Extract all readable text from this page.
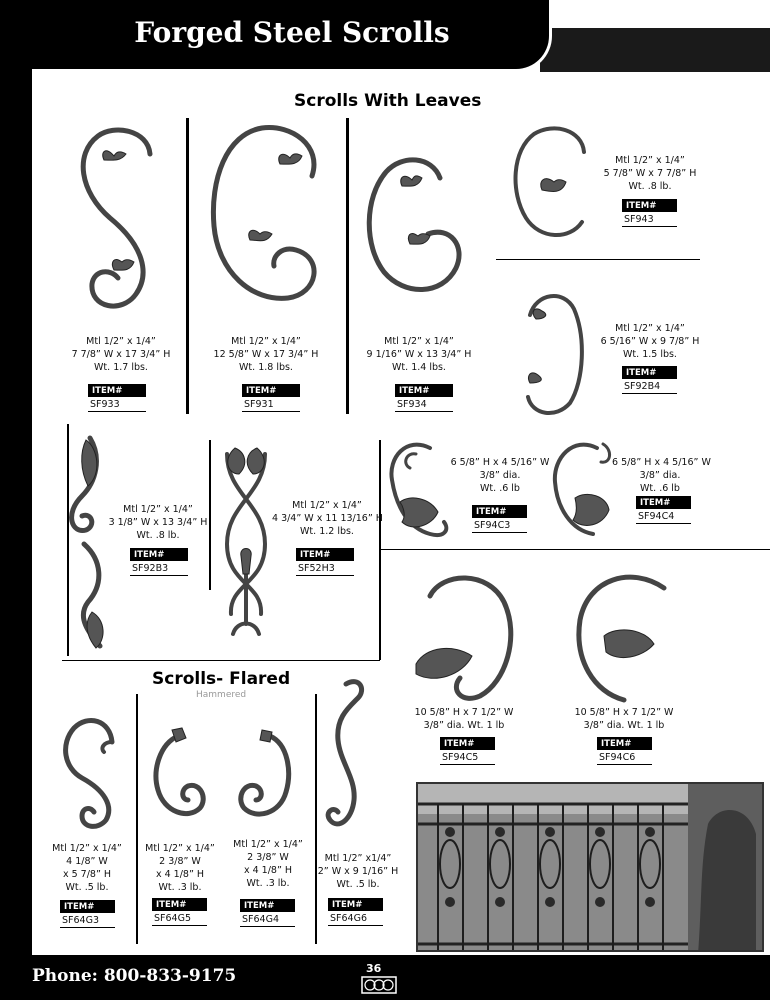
Forged Steel Scrolls
Scrolls With Leaves
Mtl 1/2” x 1/4”
7 7/8” W x 17 3/4” H
Wt. 1.7 lbs.
ITEM#
SF933
Mtl 1/2” x 1/4”
12 5/8” W x 17 3/4” H
Wt. 1.8 lbs.
ITEM#
SF931
Mtl 1/2” x 1/4”
9 1/16” W x 13 3/4” H
Wt. 1.4 lbs.
ITEM#
SF934
Mtl 1/2” x 1/4”
5 7/8” W x 7 7/8” H
Wt. .8 lb.
ITEM#
SF943
Mtl 1/2” x 1/4”
6 5/16” W x 9 7/8” H
Wt. 1.5 lbs.
ITEM#
SF92B4
Mtl 1/2” x 1/4”
3 1/8” W x 13 3/4” H
Wt. .8 lb.
ITEM#
SF92B3
Mtl 1/2” x 1/4”
4 3/4” W x 11 13/16” H
Wt. 1.2 lbs.
ITEM#
SF52H3
6 5/8” H x 4 5/16” W
3/8” dia.
Wt. .6 lb
ITEM#
SF94C3
6 5/8” H x 4 5/16” W
3/8” dia.
Wt. .6 lb
ITEM#
SF94C4
10 5/8” H x 7 1/2” W
3/8” dia. Wt. 1 lb
ITEM#
SF94C5
10 5/8” H x 7 1/2” W
3/8” dia. Wt. 1 lb
ITEM#
SF94C6
Scrolls- Flared
Hammered
Mtl 1/2” x 1/4”
4 1/8” W
x 5 7/8” H
Wt. .5 lb.
ITEM#
SF64G3
Mtl 1/2” x 1/4”
2 3/8” W
x 4 1/8” H
Wt. .3 lb.
ITEM#
SF64G5
Mtl 1/2” x 1/4”
2 3/8” W
x 4 1/8” H
Wt. .3 lb.
ITEM#
SF64G4
Mtl 1/2” x1/4”
2” W x 9 1/16” H
Wt. .5 lb.
ITEM#
SF64G6
Phone: 800-833-9175	36
